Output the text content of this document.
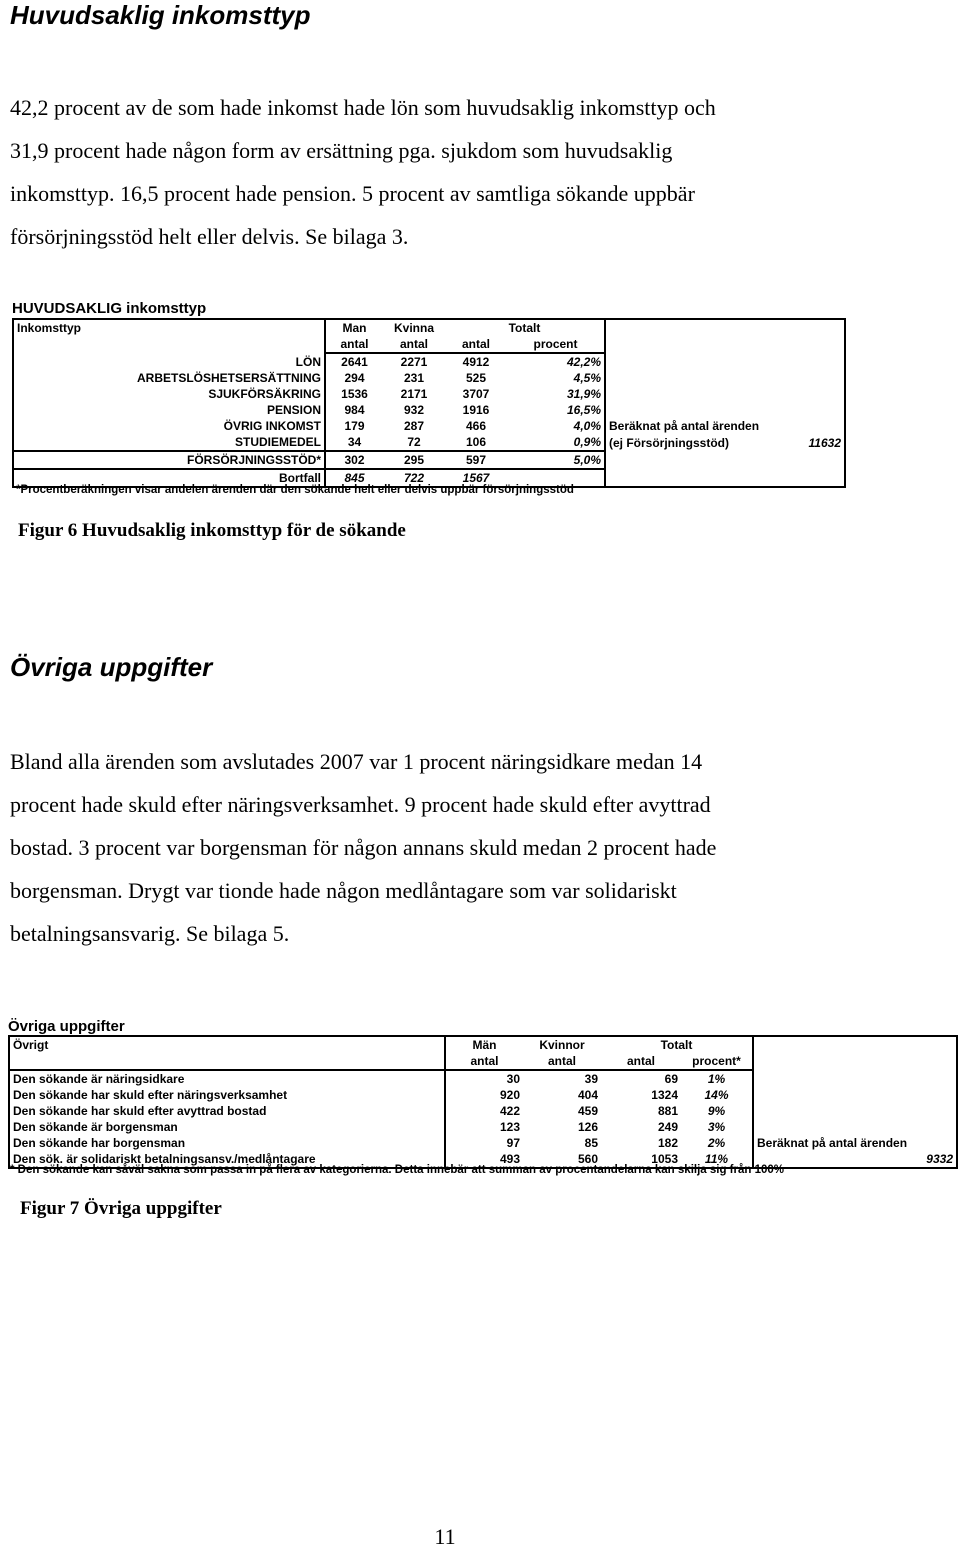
Huvudsaklig inkomsttyp
42,2 procent av de som hade inkomst hade lön som huvudsaklig inkomsttyp och
31,9 procent hade någon form av ersättning pga. sjukdom som huvudsaklig
inkomsttyp. 16,5 procent hade pension. 5 procent av samtliga sökande uppbär
försörjningsstöd helt eller delvis. Se bilaga 3.
HUVUDSAKLIG inkomsttyp
Inkomsttyp	Man	Kvinna	Totalt			
	antal	antal	antal	procent		
LÖN	2641	2271	4912	42,2%		
ARBETSLÖSHETSERSÄTTNING	294	231	525	4,5%		
SJUKFÖRSÄKRING	1536	2171	3707	31,9%		
PENSION	984	932	1916	16,5%		
ÖVRIG INKOMST	179	287	466	4,0%	Beräknat på antal ärenden	
STUDIEMEDEL	34	72	106	0,9%	(ej Försörjningsstöd)	11632
FÖRSÖRJNINGSSTÖD*	302	295	597	5,0%		
Bortfall	845	722	1567			
*Procentberäkningen visar andelen ärenden där den sökande helt eller delvis uppbär försörjningsstöd
Figur 6 Huvudsaklig inkomsttyp för de sökande
Övriga uppgifter
Bland alla ärenden som avslutades 2007 var 1 procent näringsidkare medan 14
procent hade skuld efter näringsverksamhet. 9 procent hade skuld efter avyttrad
bostad. 3 procent var borgensman för någon annans skuld medan 2 procent hade
borgensman. Drygt var tionde hade någon medlåntagare som var solidariskt
betalningsansvarig. Se bilaga 5.
Övriga uppgifter
Övrigt	Män	Kvinnor	Totalt			
	antal	antal	antal	procent*		
Den sökande är näringsidkare	30	39	69	1%		
Den sökande har skuld efter näringsverksamhet	920	404	1324	14%		
Den sökande har skuld efter avyttrad bostad	422	459	881	9%		
Den sökande är borgensman	123	126	249	3%		
Den sökande har borgensman	97	85	182	2%	Beräknat på antal ärenden	
Den sök. är solidariskt betalningsansv./medlåntagare	493	560	1053	11%		9332
* Den sökande kan såväl sakna som passa in på flera av kategorierna. Detta innebär att summan av procentandelarna kan skilja sig från 100%
Figur 7 Övriga uppgifter
11
